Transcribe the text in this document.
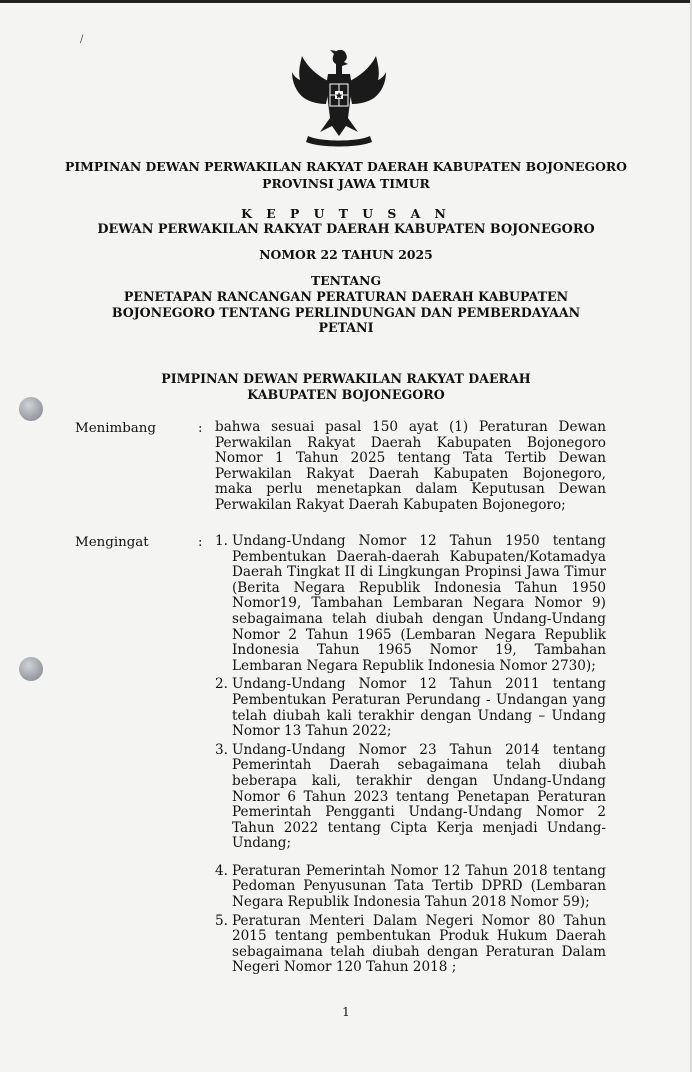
/
PIMPINAN DEWAN PERWAKILAN RAKYAT DAERAH KABUPATEN BOJONEGORO
PROVINSI JAWA TIMUR
K E P U T U S A N
DEWAN PERWAKILAN RAKYAT DAERAH KABUPATEN BOJONEGORO
NOMOR 22 TAHUN 2025
TENTANG
PENETAPAN RANCANGAN PERATURAN DAERAH KABUPATEN
BOJONEGORO TENTANG PERLINDUNGAN DAN PEMBERDAYAAN
PETANI
PIMPINAN DEWAN PERWAKILAN RAKYAT DAERAH
KABUPATEN BOJONEGORO
Menimbang	: bahwa sesuai pasal 150 ayat (1) Peraturan Dewan Perwakilan Rakyat Daerah Kabupaten Bojonegoro Nomor 1 Tahun 2025 tentang Tata Tertib Dewan Perwakilan Rakyat Daerah Kabupaten Bojonegoro, maka perlu menetapkan dalam Keputusan Dewan Perwakilan Rakyat Daerah Kabupaten Bojonegoro;

Mengingat	: 1. Undang-Undang Nomor 12 Tahun 1950 tentang Pembentukan Daerah-daerah Kabupaten/Kotamadya Daerah Tingkat II di Lingkungan Propinsi Jawa Timur (Berita Negara Republik Indonesia Tahun 1950 Nomor19, Tambahan Lembaran Negara Nomor 9) sebagaimana telah diubah dengan Undang-Undang Nomor 2 Tahun 1965 (Lembaran Negara Republik Indonesia Tahun 1965 Nomor 19, Tambahan Lembaran Negara Republik Indonesia Nomor 2730);
2. Undang-Undang Nomor 12 Tahun 2011 tentang Pembentukan Peraturan Perundang - Undangan yang telah diubah kali terakhir dengan Undang – Undang Nomor 13 Tahun 2022;
3. Undang-Undang Nomor 23 Tahun 2014 tentang Pemerintah Daerah sebagaimana telah diubah beberapa kali, terakhir dengan Undang-Undang Nomor 6 Tahun 2023 tentang Penetapan Peraturan Pemerintah Pengganti Undang-Undang Nomor 2 Tahun 2022 tentang Cipta Kerja menjadi Undang-Undang;
4. Peraturan Pemerintah Nomor 12 Tahun 2018 tentang Pedoman Penyusunan Tata Tertib DPRD (Lembaran Negara Republik Indonesia Tahun 2018 Nomor 59);
5. Peraturan Menteri Dalam Negeri Nomor 80 Tahun 2015 tentang pembentukan Produk Hukum Daerah sebagaimana telah diubah dengan Peraturan Dalam Negeri Nomor 120 Tahun 2018 ;
1
